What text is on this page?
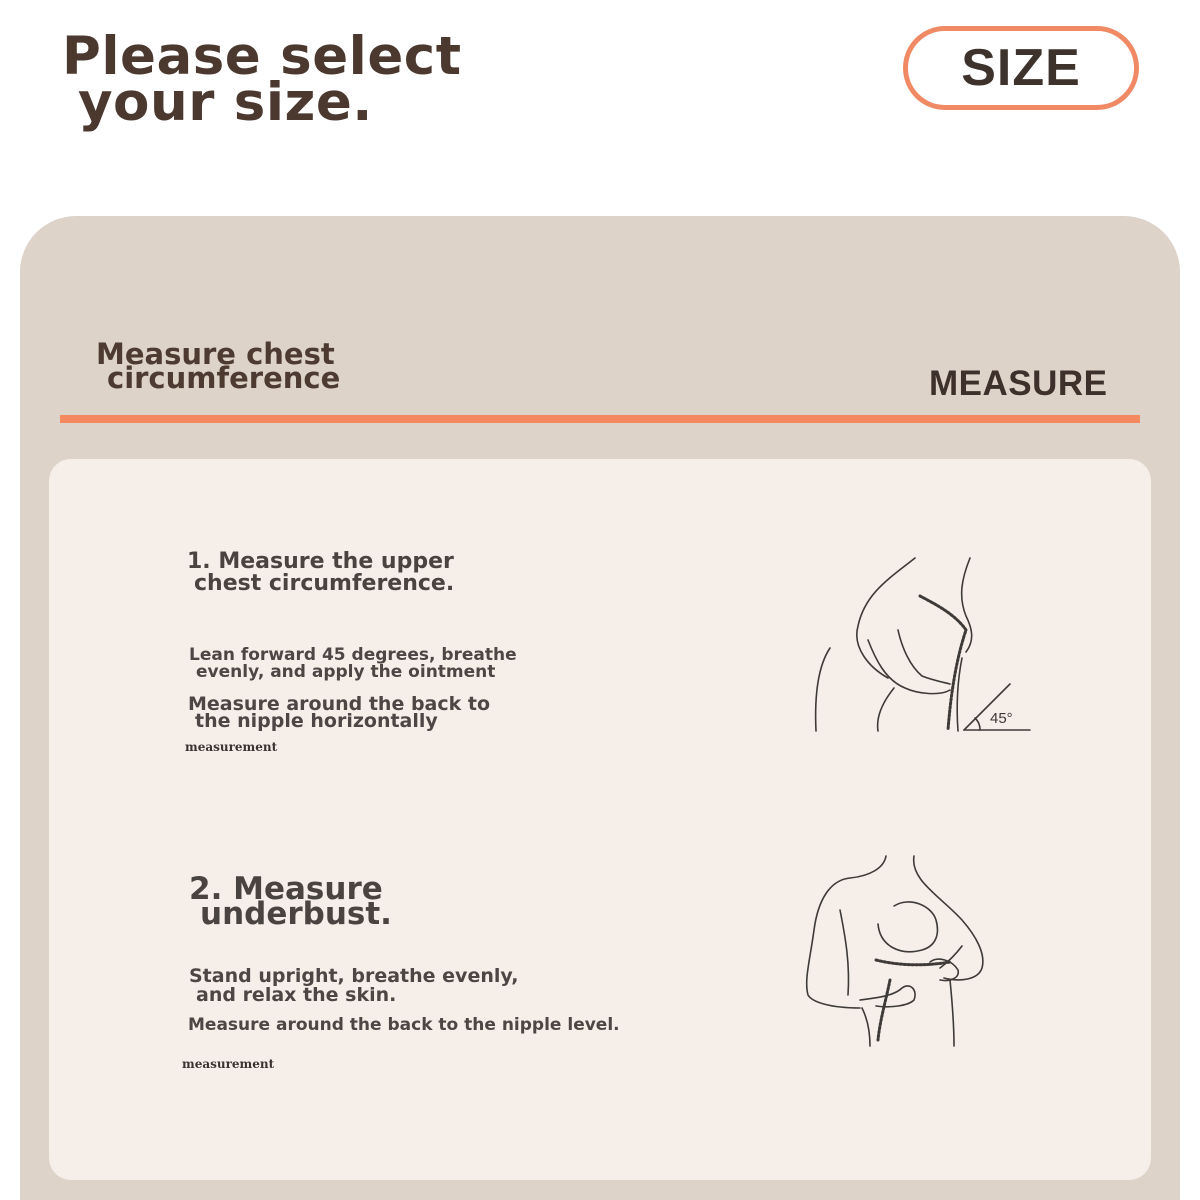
Please select
your size.
SIZE
Measure chest
circumference	MEASURE
1. Measure the upper
chest circumference.
Lean forward 45 degrees, breathe
evenly, and apply the ointment
Measure around the back to
the nipple horizontally
measurement
45°
2. Measure
underbust.
Stand upright, breathe evenly,
and relax the skin.
Measure around the back to the nipple level.
measurement
